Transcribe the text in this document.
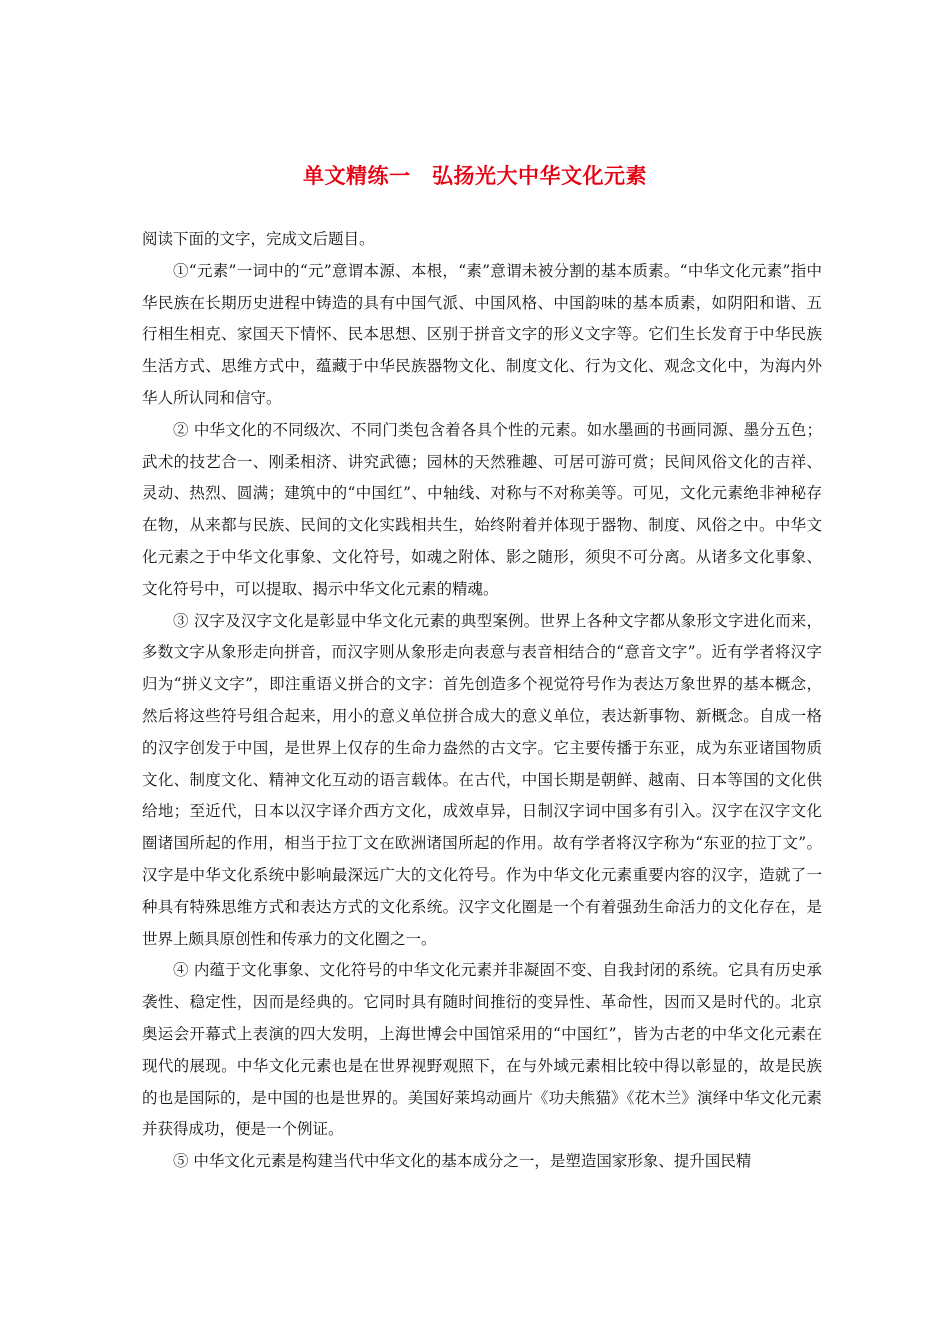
单文精练一　弘扬光大中华文化元素

阅读下面的文字，完成文后题目。

①“元素”一词中的“元”意谓本源、本根，“素”意谓未被分割的基本质素。“中华文化元素”指中华民族在长期历史进程中铸造的具有中国气派、中国风格、中国韵味的基本质素，如阴阳和谐、五行相生相克、家国天下情怀、民本思想、区别于拼音文字的形义文字等。它们生长发育于中华民族生活方式、思维方式中，蕴藏于中华民族器物文化、制度文化、行为文化、观念文化中，为海内外华人所认同和信守。

② 中华文化的不同级次、不同门类包含着各具个性的元素。如水墨画的书画同源、墨分五色；武术的技艺合一、刚柔相济、讲究武德；园林的天然雅趣、可居可游可赏；民间风俗文化的吉祥、灵动、热烈、圆满；建筑中的“中国红”、中轴线、对称与不对称美等。可见，文化元素绝非神秘存在物，从来都与民族、民间的文化实践相共生，始终附着并体现于器物、制度、风俗之中。中华文化元素之于中华文化事象、文化符号，如魂之附体、影之随形，须臾不可分离。从诸多文化事象、文化符号中，可以提取、揭示中华文化元素的精魂。

③ 汉字及汉字文化是彰显中华文化元素的典型案例。世界上各种文字都从象形文字进化而来，多数文字从象形走向拼音，而汉字则从象形走向表意与表音相结合的“意音文字”。近有学者将汉字归为“拼义文字”，即注重语义拼合的文字：首先创造多个视觉符号作为表达万象世界的基本概念，然后将这些符号组合起来，用小的意义单位拼合成大的意义单位，表达新事物、新概念。自成一格的汉字创发于中国，是世界上仅存的生命力盎然的古文字。它主要传播于东亚，成为东亚诸国物质文化、制度文化、精神文化互动的语言载体。在古代，中国长期是朝鲜、越南、日本等国的文化供给地；至近代，日本以汉字译介西方文化，成效卓异，日制汉字词中国多有引入。汉字在汉字文化圈诸国所起的作用，相当于拉丁文在欧洲诸国所起的作用。故有学者将汉字称为“东亚的拉丁文”。汉字是中华文化系统中影响最深远广大的文化符号。作为中华文化元素重要内容的汉字，造就了一种具有特殊思维方式和表达方式的文化系统。汉字文化圈是一个有着强劲生命活力的文化存在，是世界上颇具原创性和传承力的文化圈之一。

④ 内蕴于文化事象、文化符号的中华文化元素并非凝固不变、自我封闭的系统。它具有历史承袭性、稳定性，因而是经典的。它同时具有随时间推衍的变异性、革命性，因而又是时代的。北京奥运会开幕式上表演的四大发明，上海世博会中国馆采用的“中国红”，皆为古老的中华文化元素在现代的展现。中华文化元素也是在世界视野观照下，在与外域元素相比较中得以彰显的，故是民族的也是国际的，是中国的也是世界的。美国好莱坞动画片《功夫熊猫》《花木兰》演绎中华文化元素并获得成功，便是一个例证。

⑤ 中华文化元素是构建当代中华文化的基本成分之一，是塑造国家形象、提升国民精
